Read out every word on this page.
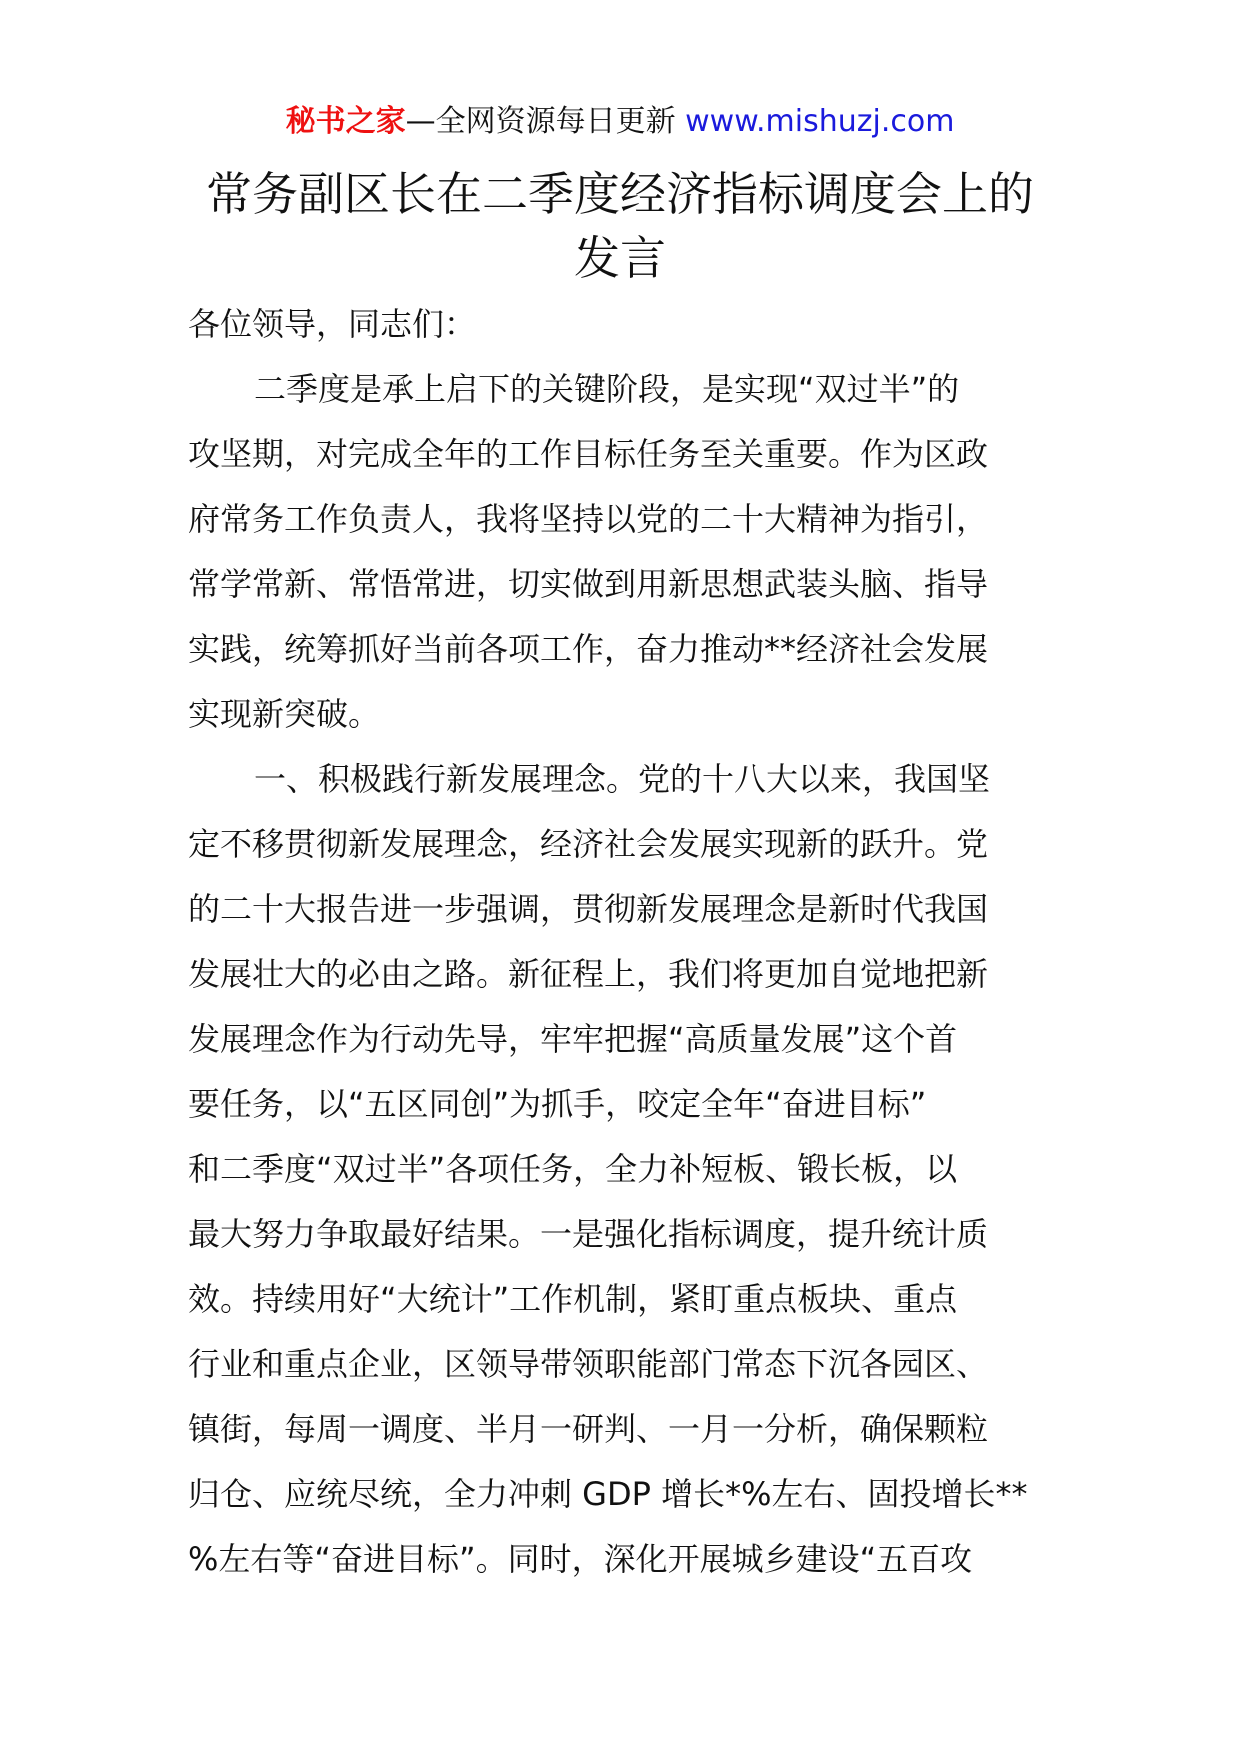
秘书之家—全网资源每日更新 www.mishuzj.com
常务副区长在二季度经济指标调度会上的
发言
各位领导，同志们：
二季度是承上启下的关键阶段，是实现“双过半”的
攻坚期，对完成全年的工作目标任务至关重要。作为区政
府常务工作负责人，我将坚持以党的二十大精神为指引，
常学常新、常悟常进，切实做到用新思想武装头脑、指导
实践，统筹抓好当前各项工作，奋力推动**经济社会发展
实现新突破。
一、积极践行新发展理念。党的十八大以来，我国坚
定不移贯彻新发展理念，经济社会发展实现新的跃升。党
的二十大报告进一步强调，贯彻新发展理念是新时代我国
发展壮大的必由之路。新征程上，我们将更加自觉地把新
发展理念作为行动先导，牢牢把握“高质量发展”这个首
要任务，以“五区同创”为抓手，咬定全年“奋进目标”
和二季度“双过半”各项任务，全力补短板、锻长板，以
最大努力争取最好结果。一是强化指标调度，提升统计质
效。持续用好“大统计”工作机制，紧盯重点板块、重点
行业和重点企业，区领导带领职能部门常态下沉各园区、
镇街，每周一调度、半月一研判、一月一分析，确保颗粒
归仓、应统尽统，全力冲刺 GDP 增长*%左右、固投增长**
%左右等“奋进目标”。同时，深化开展城乡建设“五百攻
